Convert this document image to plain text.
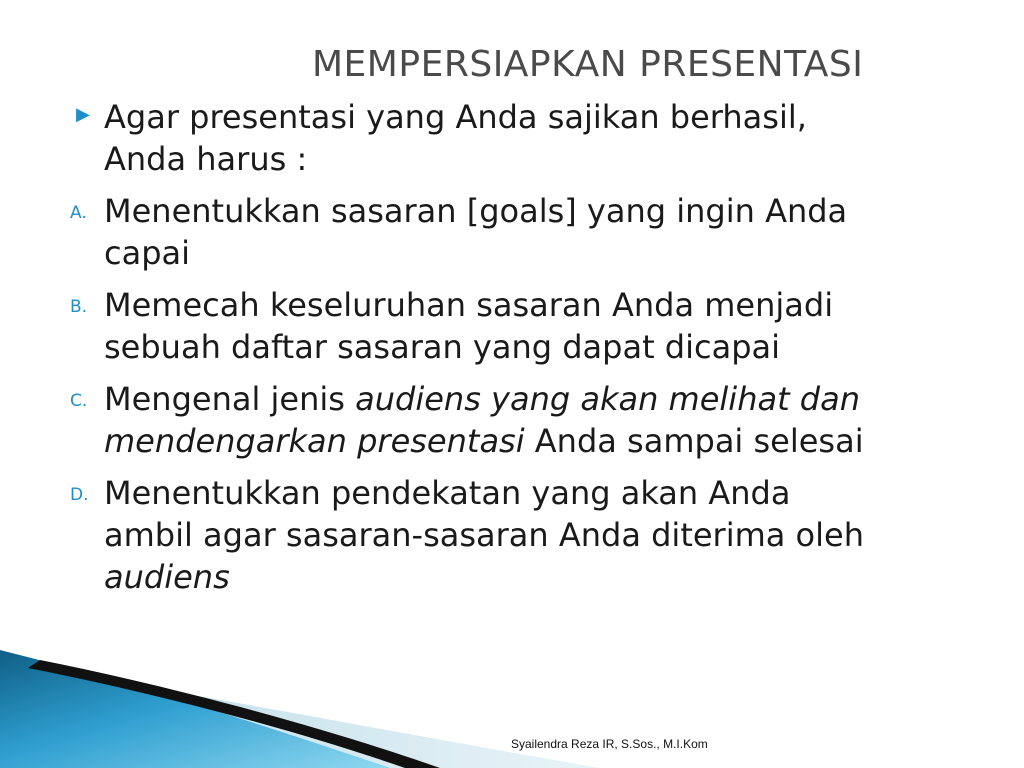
MEMPERSIAPKAN PRESENTASI
▶ Agar presentasi yang Anda sajikan berhasil, Anda harus :
A. Menentukkan sasaran [goals] yang ingin Anda capai
B. Memecah keseluruhan sasaran Anda menjadi sebuah daftar sasaran yang dapat dicapai
C. Mengenal jenis audiens yang akan melihat dan mendengarkan presentasi Anda sampai selesai
D. Menentukkan pendekatan yang akan Anda ambil agar sasaran-sasaran Anda diterima oleh audiens
Syailendra Reza IR, S.Sos., M.I.Kom
